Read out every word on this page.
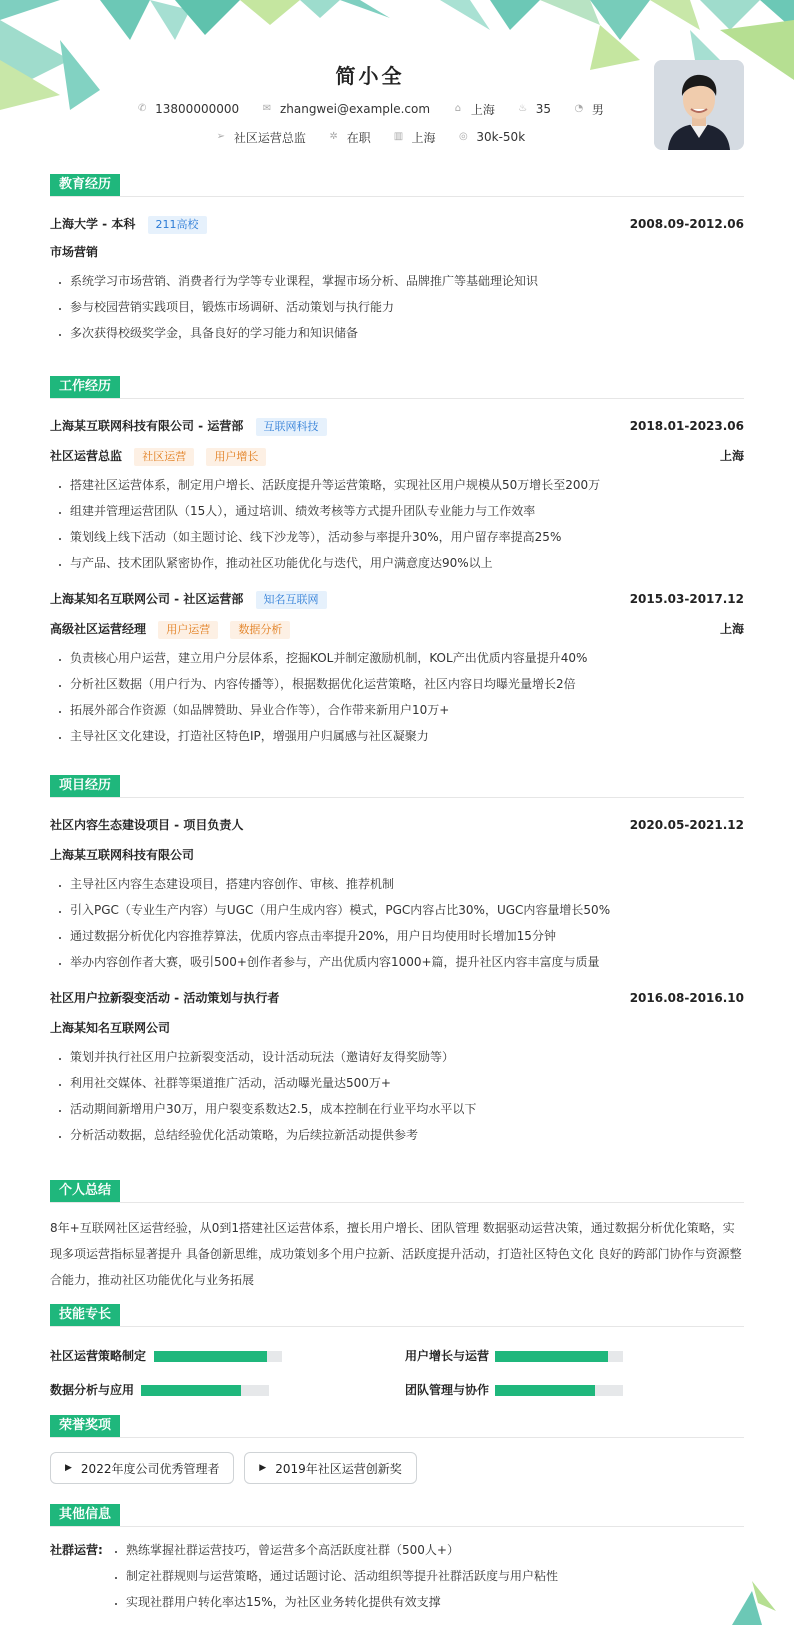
简小全
✆ 13800000000
✉ zhangwei@example.com
⌂ 上海
♨ 35
◔ 男
➢ 社区运营总监
✲ 在职
▥ 上海
◎ 30k-50k
教育经历
上海大学 - 本科 211高校	2008.09-2012.06
市场营销
• 系统学习市场营销、消费者行为学等专业课程，掌握市场分析、品牌推广等基础理论知识
• 参与校园营销实践项目，锻炼市场调研、活动策划与执行能力
• 多次获得校级奖学金，具备良好的学习能力和知识储备
工作经历
上海某互联网科技有限公司 - 运营部 互联网科技	2018.01-2023.06
社区运营总监 社区运营	用户增长	上海
• 搭建社区运营体系，制定用户增长、活跃度提升等运营策略，实现社区用户规模从50万增长至200万
• 组建并管理运营团队（15人），通过培训、绩效考核等方式提升团队专业能力与工作效率
• 策划线上线下活动（如主题讨论、线下沙龙等），活动参与率提升30%，用户留存率提高25%
• 与产品、技术团队紧密协作，推动社区功能优化与迭代，用户满意度达90%以上
上海某知名互联网公司 - 社区运营部 知名互联网	2015.03-2017.12
高级社区运营经理 用户运营	数据分析	上海
• 负责核心用户运营，建立用户分层体系，挖掘KOL并制定激励机制，KOL产出优质内容量提升40%
• 分析社区数据（用户行为、内容传播等），根据数据优化运营策略，社区内容日均曝光量增长2倍
• 拓展外部合作资源（如品牌赞助、异业合作等），合作带来新用户10万+
• 主导社区文化建设，打造社区特色IP，增强用户归属感与社区凝聚力
项目经历
社区内容生态建设项目 - 项目负责人	2020.05-2021.12
上海某互联网科技有限公司
• 主导社区内容生态建设项目，搭建内容创作、审核、推荐机制
• 引入PGC（专业生产内容）与UGC（用户生成内容）模式，PGC内容占比30%，UGC内容量增长50%
• 通过数据分析优化内容推荐算法，优质内容点击率提升20%，用户日均使用时长增加15分钟
• 举办内容创作者大赛，吸引500+创作者参与，产出优质内容1000+篇，提升社区内容丰富度与质量
社区用户拉新裂变活动 - 活动策划与执行者	2016.08-2016.10
上海某知名互联网公司
• 策划并执行社区用户拉新裂变活动，设计活动玩法（邀请好友得奖励等）
• 利用社交媒体、社群等渠道推广活动，活动曝光量达500万+
• 活动期间新增用户30万，用户裂变系数达2.5，成本控制在行业平均水平以下
• 分析活动数据，总结经验优化活动策略，为后续拉新活动提供参考
个人总结
8年+互联网社区运营经验，从0到1搭建社区运营体系，擅长用户增长、团队管理 数据驱动运营决策，通过数据分析优化策略，实现多项运营指标显著提升 具备创新思维，成功策划多个用户拉新、活跃度提升活动，打造社区特色文化 良好的跨部门协作与资源整合能力，推动社区功能优化与业务拓展
技能专长
社区运营策略制定	用户增长与运营
数据分析与应用	团队管理与协作
荣誉奖项
▶ 2022年度公司优秀管理者
	▶ 2019年社区运营创新奖
其他信息
社群运营:
• 熟练掌握社群运营技巧，曾运营多个高活跃度社群（500人+）
• 制定社群规则与运营策略，通过话题讨论、活动组织等提升社群活跃度与用户粘性
• 实现社群用户转化率达15%，为社区业务转化提供有效支撑
